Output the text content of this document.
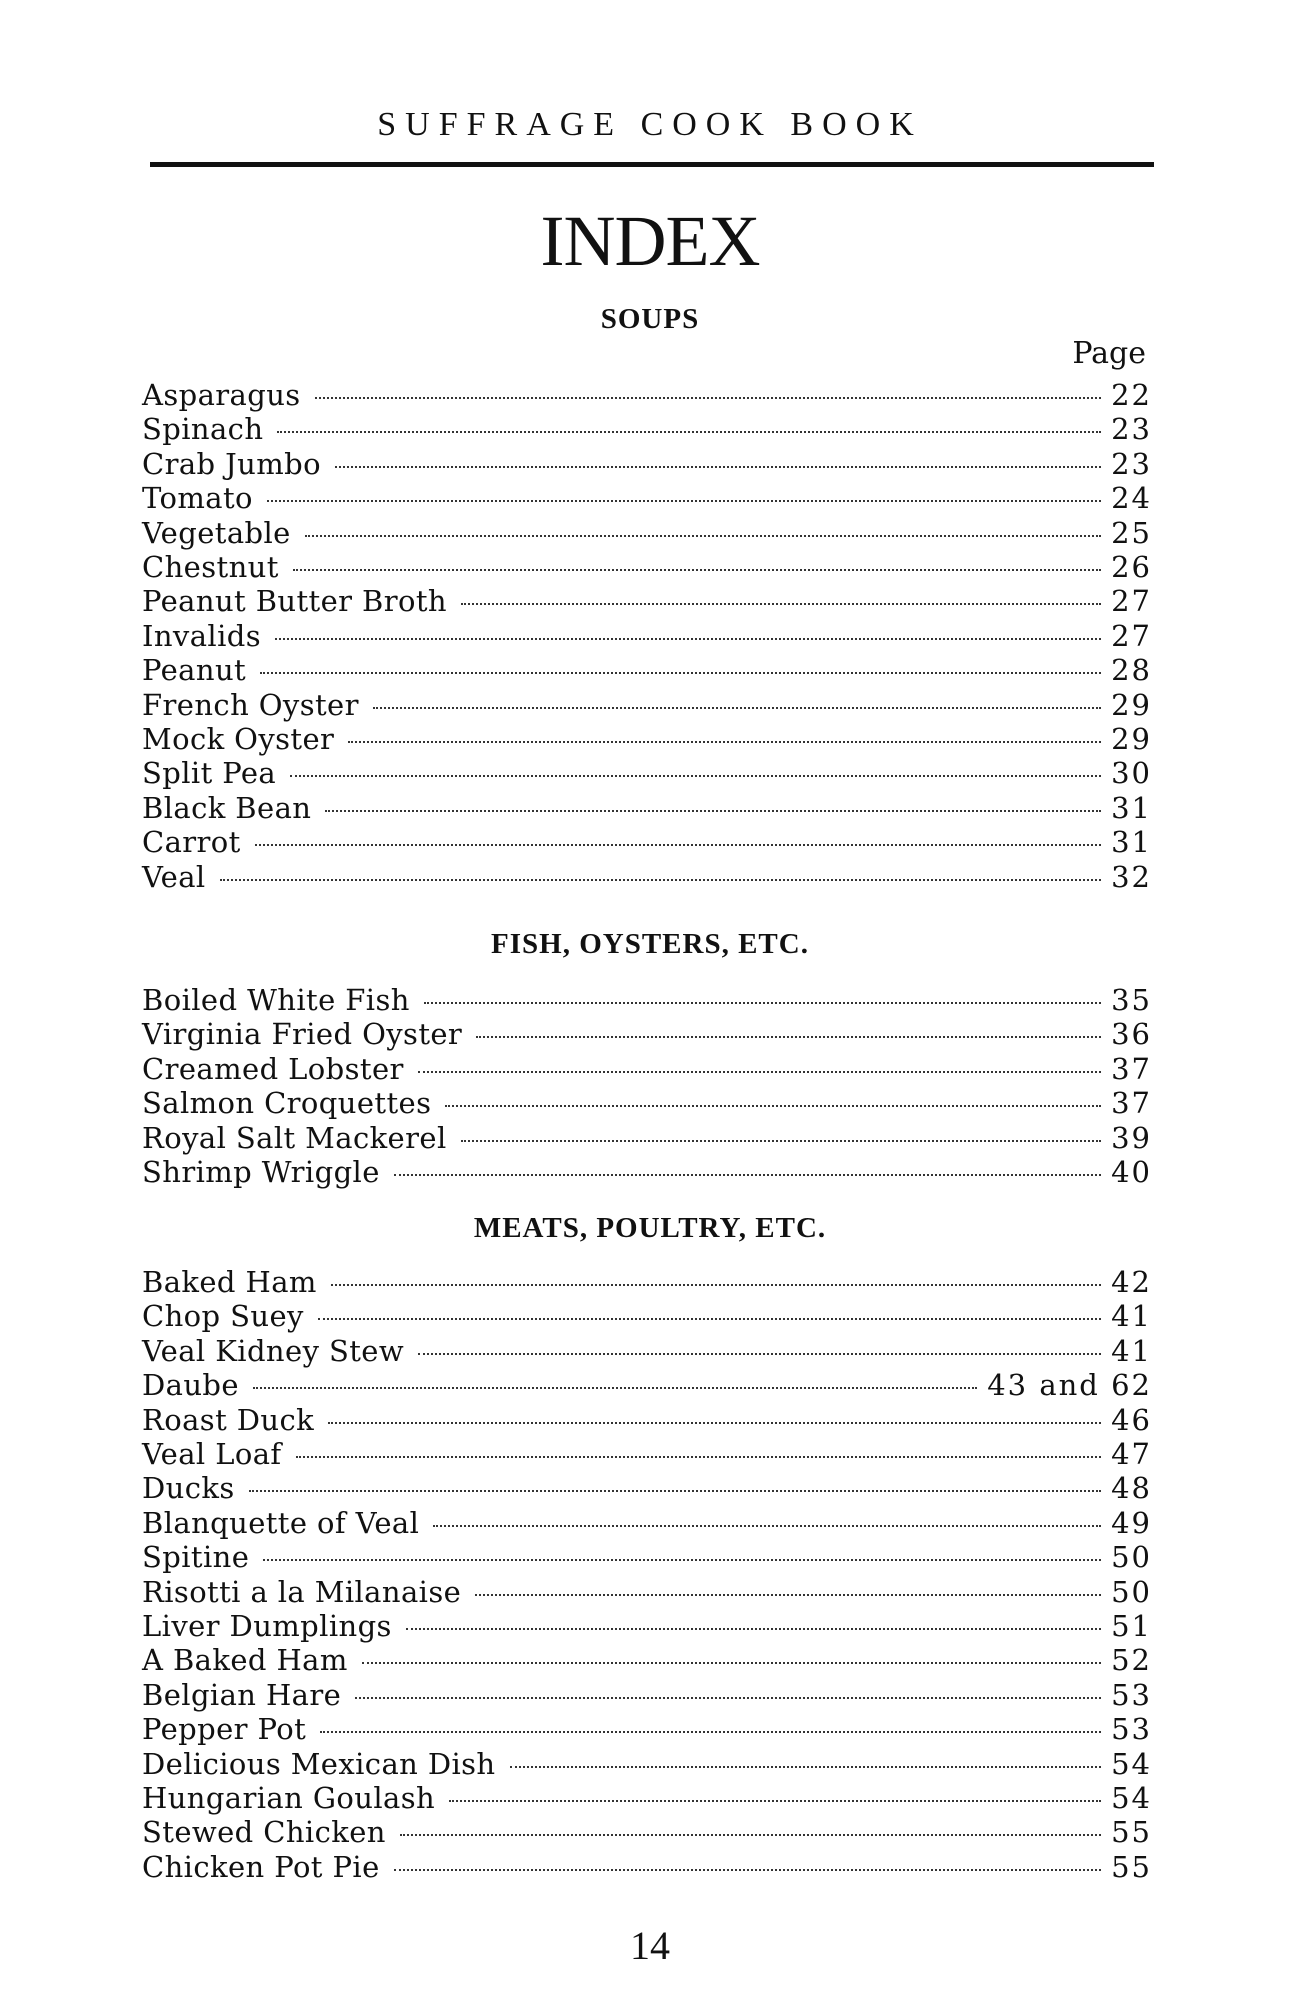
SUFFRAGE COOK BOOK
INDEX
Page
SOUPS
Asparagus	22
Spinach	23
Crab Jumbo	23
Tomato	24
Vegetable	25
Chestnut	26
Peanut Butter Broth	27
Invalids	27
Peanut	28
French Oyster	29
Mock Oyster	29
Split Pea	30
Black Bean	31
Carrot	31
Veal	32
FISH, OYSTERS, ETC.
Boiled White Fish	35
Virginia Fried Oyster	36
Creamed Lobster	37
Salmon Croquettes	37
Royal Salt Mackerel	39
Shrimp Wriggle	40
MEATS, POULTRY, ETC.
Baked Ham	42
Chop Suey	41
Veal Kidney Stew	41
Daube	43 and 62
Roast Duck	46
Veal Loaf	47
Ducks	48
Blanquette of Veal	49
Spitine	50
Risotti a la Milanaise	50
Liver Dumplings	51
A Baked Ham	52
Belgian Hare	53
Pepper Pot	53
Delicious Mexican Dish	54
Hungarian Goulash	54
Stewed Chicken	55
Chicken Pot Pie	55
14
